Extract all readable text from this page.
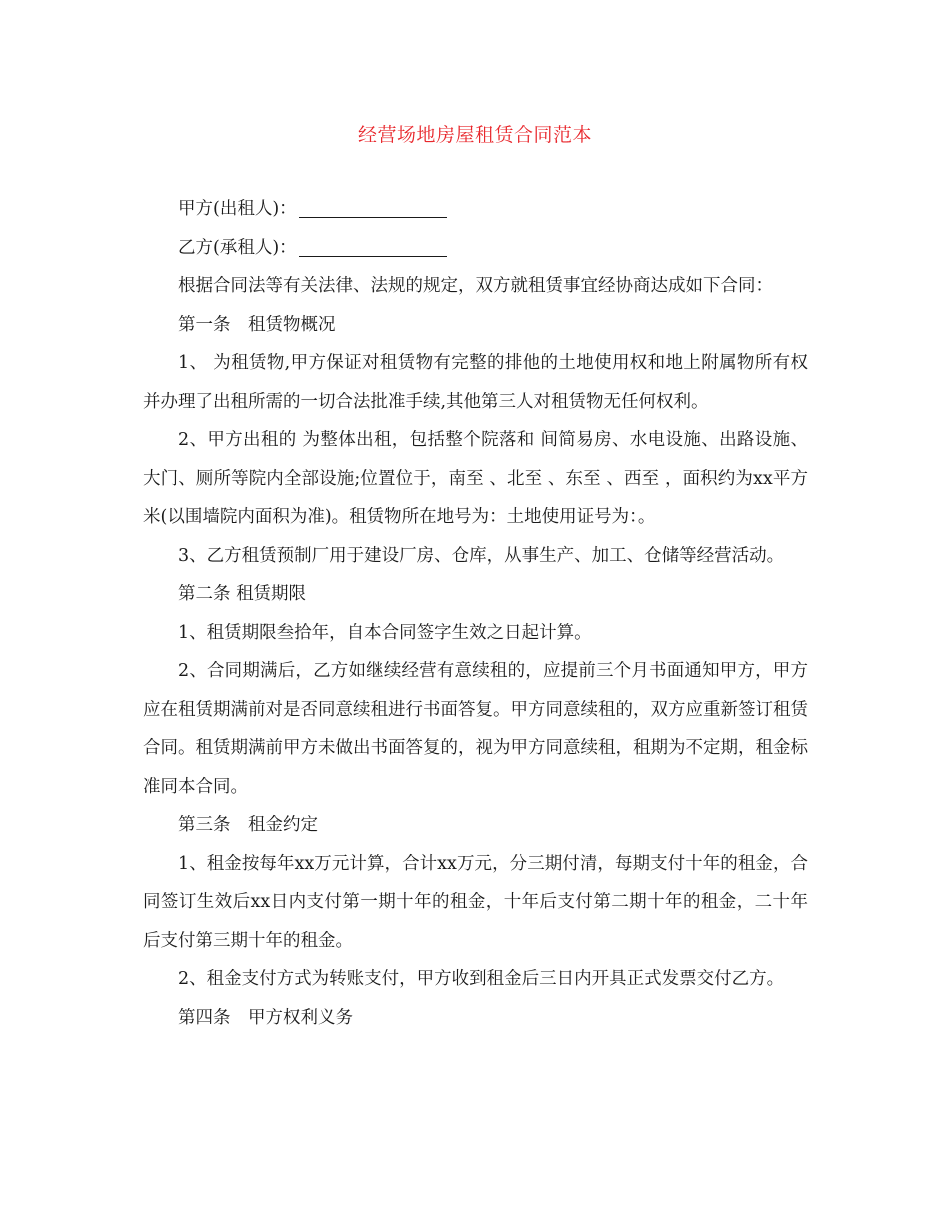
经营场地房屋租赁合同范本

甲方(出租人)：

乙方(承租人)：

根据合同法等有关法律、法规的规定，双方就租赁事宜经协商达成如下合同：

第一条　租赁物概况

1、 为租赁物,甲方保证对租赁物有完整的排他的土地使用权和地上附属物所有权并办理了出租所需的一切合法批准手续,其他第三人对租赁物无任何权利。

2、甲方出租的 为整体出租，包括整个院落和 间简易房、水电设施、出路设施、大门、厕所等院内全部设施;位置位于，南至 、北至 、东至 、西至 ，面积约为xx平方米(以围墙院内面积为准)。租赁物所在地号为：土地使用证号为：。

3、乙方租赁预制厂用于建设厂房、仓库，从事生产、加工、仓储等经营活动。

第二条 租赁期限

1、租赁期限叁拾年，自本合同签字生效之日起计算。

2、合同期满后，乙方如继续经营有意续租的，应提前三个月书面通知甲方，甲方应在租赁期满前对是否同意续租进行书面答复。甲方同意续租的，双方应重新签订租赁合同。租赁期满前甲方未做出书面答复的，视为甲方同意续租，租期为不定期，租金标准同本合同。

第三条　租金约定

1、租金按每年xx万元计算，合计xx万元，分三期付清，每期支付十年的租金，合同签订生效后xx日内支付第一期十年的租金，十年后支付第二期十年的租金，二十年后支付第三期十年的租金。

2、租金支付方式为转账支付，甲方收到租金后三日内开具正式发票交付乙方。

第四条　甲方权利义务
